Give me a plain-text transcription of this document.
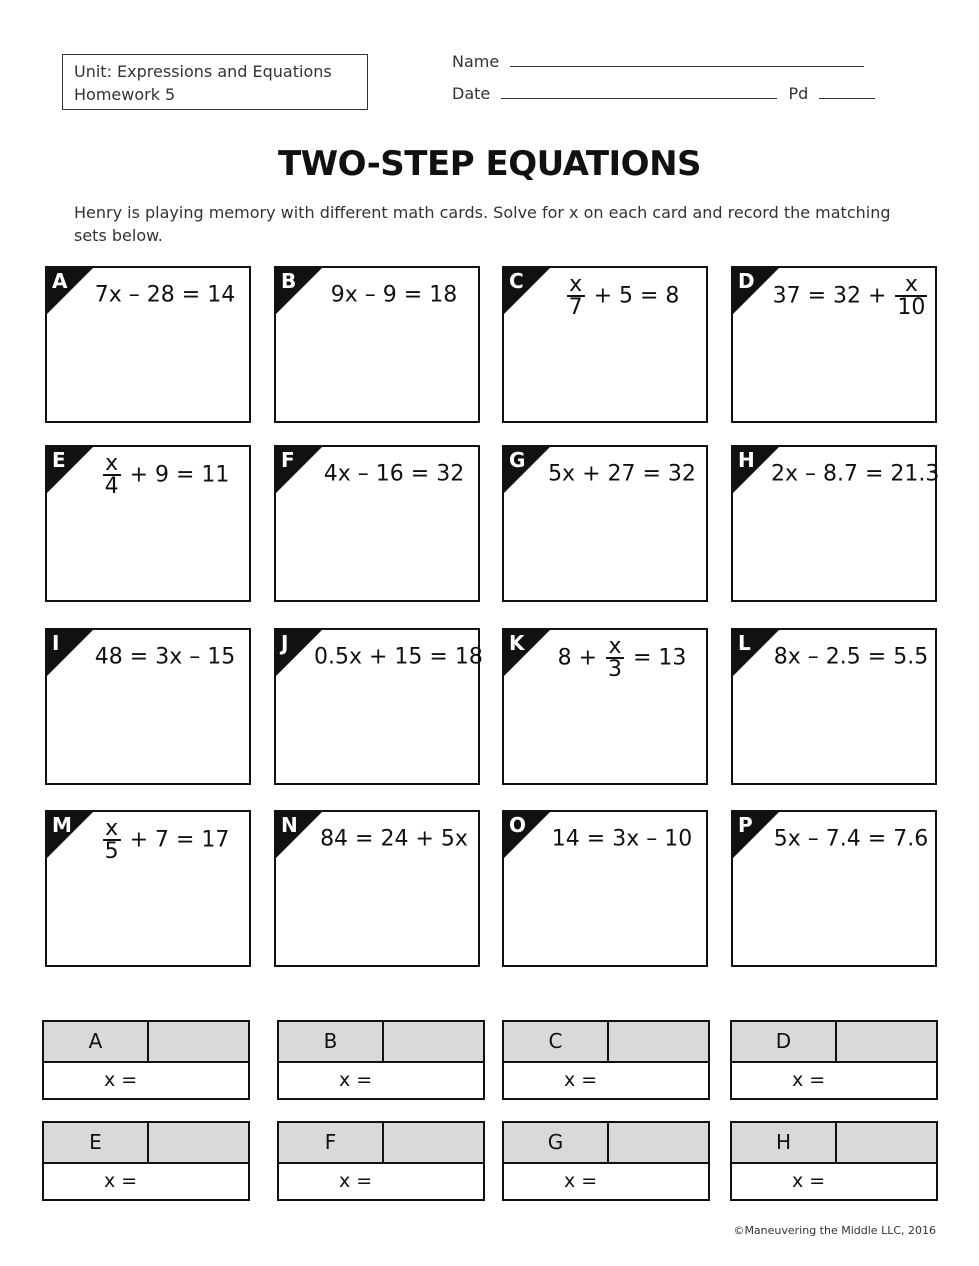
Unit: Expressions and Equations
Homework 5
Name
Date	Pd
TWO-STEP EQUATIONS
Henry is playing memory with different math cards. Solve for x on each card and record the matching sets below.
A
7x – 28 = 14
B
9x – 9 = 18
C $\frac{x}{7} + 5 = 8$
D
$37 = 32 + \frac{x}{10}$
E $\frac{x}{4} + 9 = 11$
F
4x – 16 = 32
G
5x + 27 = 32
H
2x – 8.7 = 21.3
I
48 = 3x – 15
J
0.5x + 15 = 18
K
$8 + \frac{x}{3} = 13$
L
8x – 2.5 = 5.5
M $\frac{x}{5} + 7 = 17$
N
84 = 24 + 5x
O
14 = 3x – 10
P
5x – 7.4 = 7.6
A
x =
B
x =
C
x =
D
x =
E
x =
F
x =
G
x =
H
x =
©Maneuvering the Middle LLC, 2016
